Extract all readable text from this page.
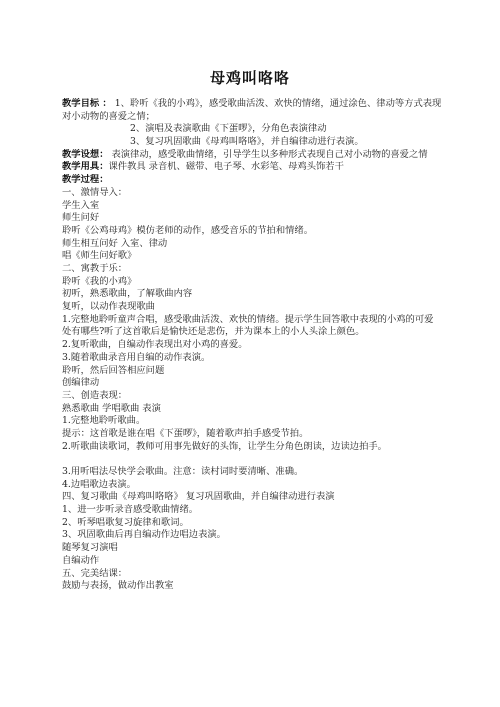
母鸡叫咯咯
教学目标 ： 1、聆听《我的小鸡》，感受歌曲活泼、欢快的情绪，通过涂色、律动等方式表现对小动物的喜爱之情；
2、演唱及表演歌曲《下蛋啰》，分角色表演律动
3、复习巩固歌曲《母鸡叫咯咯》，并自编律动进行表演。
教学设想： 表演律动，感受歌曲情绪，引导学生以多种形式表现自己对小动物的喜爱之情
教学用具：课件教具 录音机、磁带、电子琴、水彩笔、母鸡头饰若干
教学过程：
一、激情导入：
学生入室
师生问好
聆听《公鸡母鸡》模仿老师的动作，感受音乐的节拍和情绪。
师生相互问好 入室、律动
唱《师生问好歌》
二、寓教于乐：
聆听《我的小鸡》
初听，熟悉歌曲，了解歌曲内容
复听，以动作表现歌曲
1.完整地聆听童声合唱，感受歌曲活泼、欢快的情绪。提示学生回答歌中表现的小鸡的可爱处有哪些?听了这首歌后是愉快还是悲伤，并为课本上的小人头涂上颜色。
2.复听歌曲，自编动作表现出对小鸡的喜爱。
3.随着歌曲录音用自编的动作表演。
聆听，然后回答相应问题
创编律动
三、创造表现：
熟悉歌曲 学唱歌曲 表演
1.完整地聆听歌曲。
提示：这首歌是谁在唱《下蛋啰》，随着歌声拍手感受节拍。
2.听歌曲读歌词，教师可用事先做好的头饰，让学生分角色朗读，边读边拍手。
3.用听唱法尽快学会歌曲。注意：读村词时要清晰、准确。
4.边唱歌边表演。
四、复习歌曲《母鸡叫咯咯》 复习巩固歌曲，并自编律动进行表演
1、进一步听录音感受歌曲情绪。
2、听琴唱歌复习旋律和歌词。
3、巩固歌曲后再自编动作边唱边表演。
随琴复习演唱
自编动作
五、完美结课：
鼓励与表扬，做动作出教室
